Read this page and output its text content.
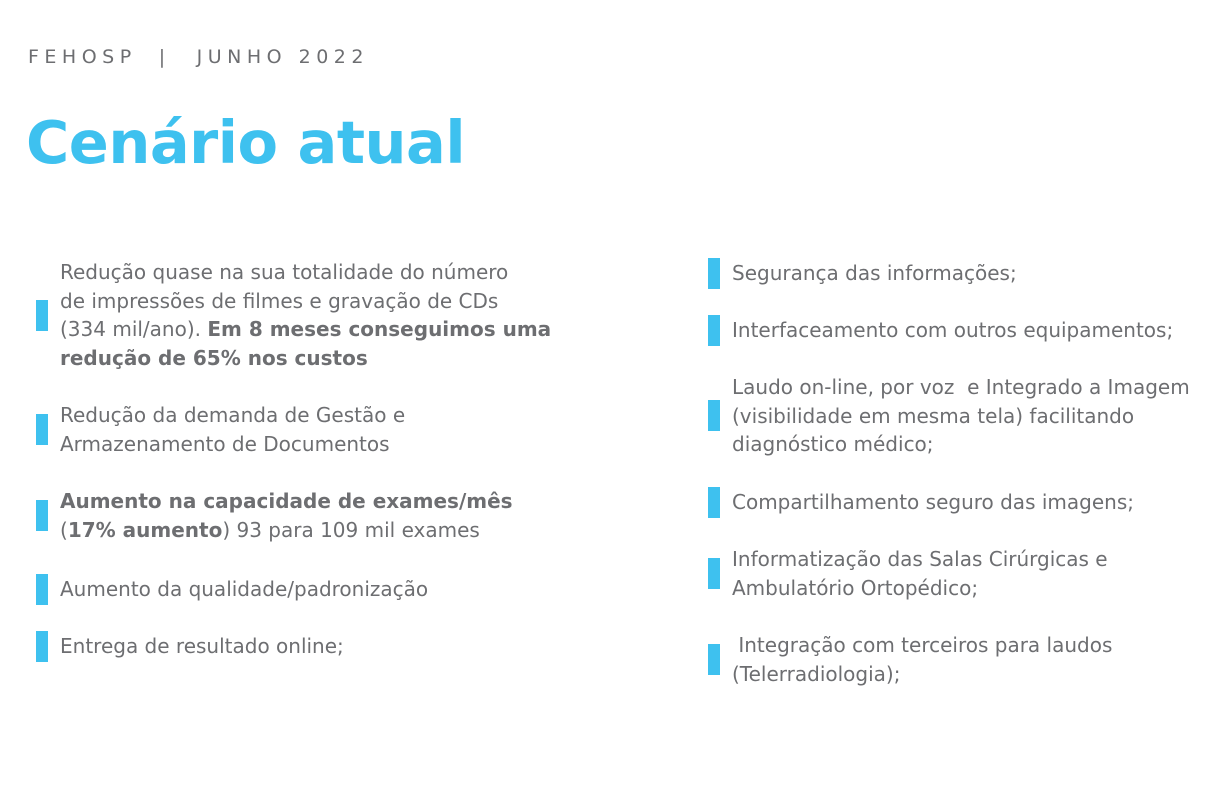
FEHOSP | JUNHO 2022
Cenário atual
Redução quase na sua totalidade do número
de impressões de filmes e gravação de CDs
(334 mil/ano). Em 8 meses conseguimos uma
redução de 65% nos custos
Redução da demanda de Gestão e
Armazenamento de Documentos
Aumento na capacidade de exames/mês
(17% aumento) 93 para 109 mil exames
Aumento da qualidade/padronização
Entrega de resultado online;
Segurança das informações;
Interfaceamento com outros equipamentos;
Laudo on-line, por voz  e Integrado a Imagem
(visibilidade em mesma tela) facilitando
diagnóstico médico;
Compartilhamento seguro das imagens;
Informatização das Salas Cirúrgicas e
Ambulatório Ortopédico;
Integração com terceiros para laudos
(Telerradiologia);
